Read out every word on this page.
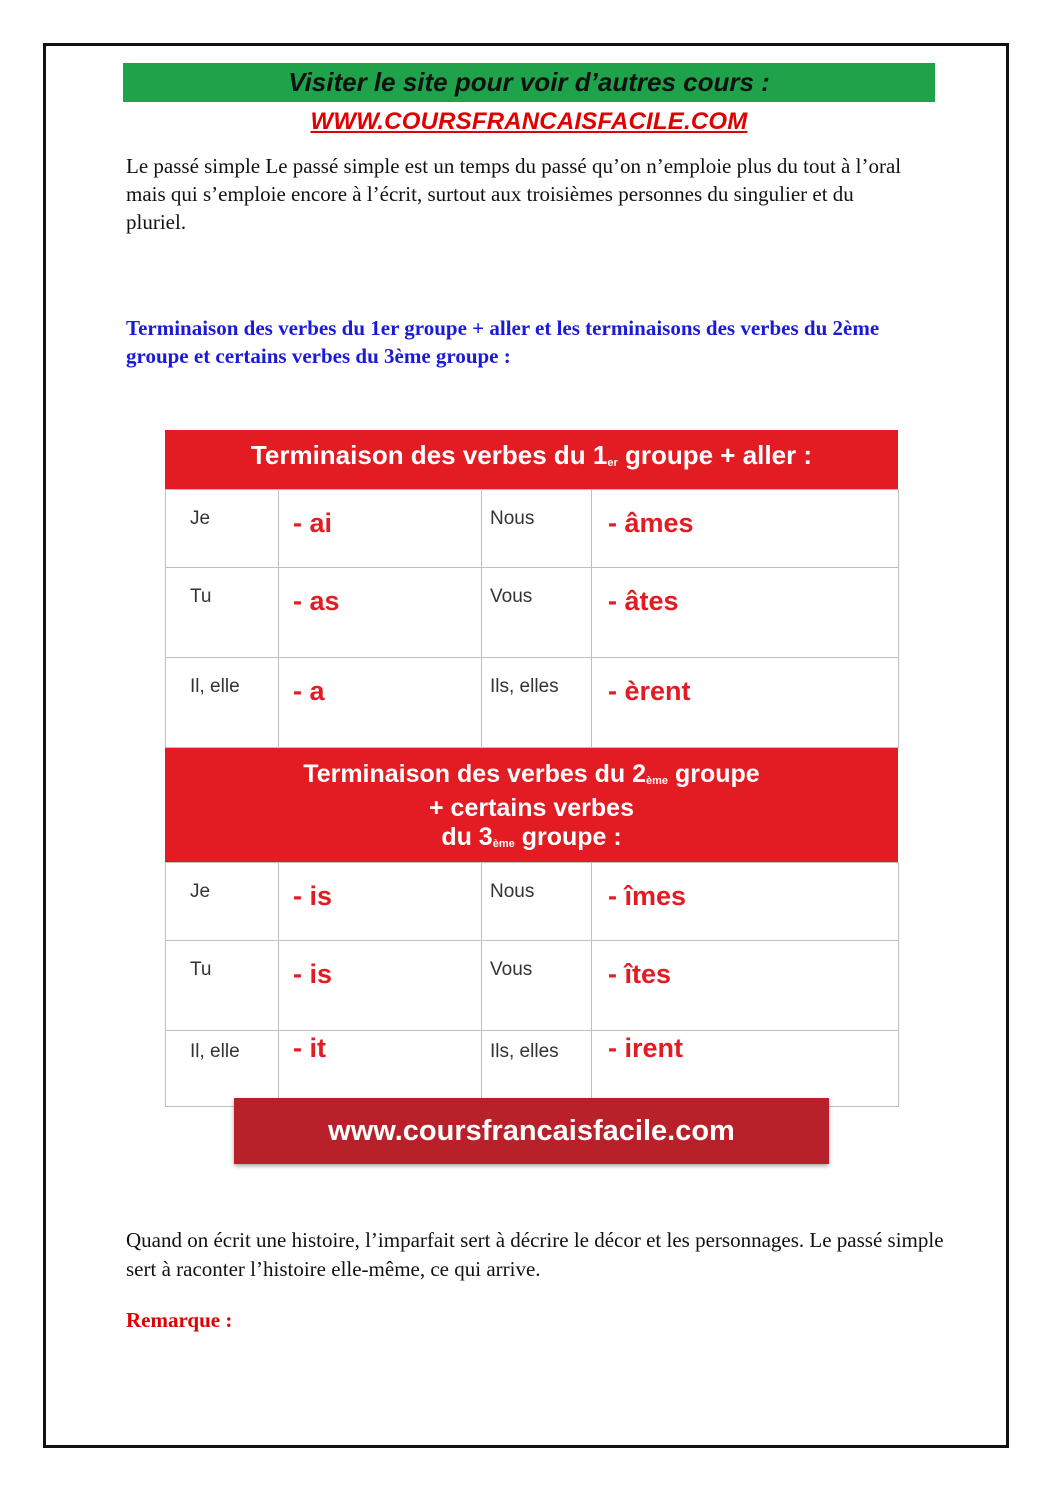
Visiter le site pour voir d’autres cours :
WWW.COURSFRANCAISFACILE.COM
Le passé simple Le passé simple est un temps du passé qu’on n’emploie plus du tout à l’oral mais qui s’emploie encore à l’écrit, surtout aux troisièmes personnes du singulier et du pluriel.
Terminaison des verbes du 1er groupe + aller et les terminaisons des verbes du 2ème groupe et certains verbes du 3ème groupe :
Terminaison des verbes du $1_{er}$ groupe + aller :
Je	- ai	Nous	- âmes
Tu	- as	Vous	- âtes
Il, elle	- a	Ils, elles	- èrent
Terminaison des verbes du $2_{ème}$ groupe
+ certains verbes
du $3_{ème}$ groupe :
Je	- is	Nous	- îmes
Tu	- is	Vous	- îtes
Il, elle	- it	Ils, elles	- irent
www.coursfrancaisfacile.com
Quand on écrit une histoire, l’imparfait sert à décrire le décor et les personnages. Le passé simple sert à raconter l’histoire elle-même, ce qui arrive.
Remarque :
